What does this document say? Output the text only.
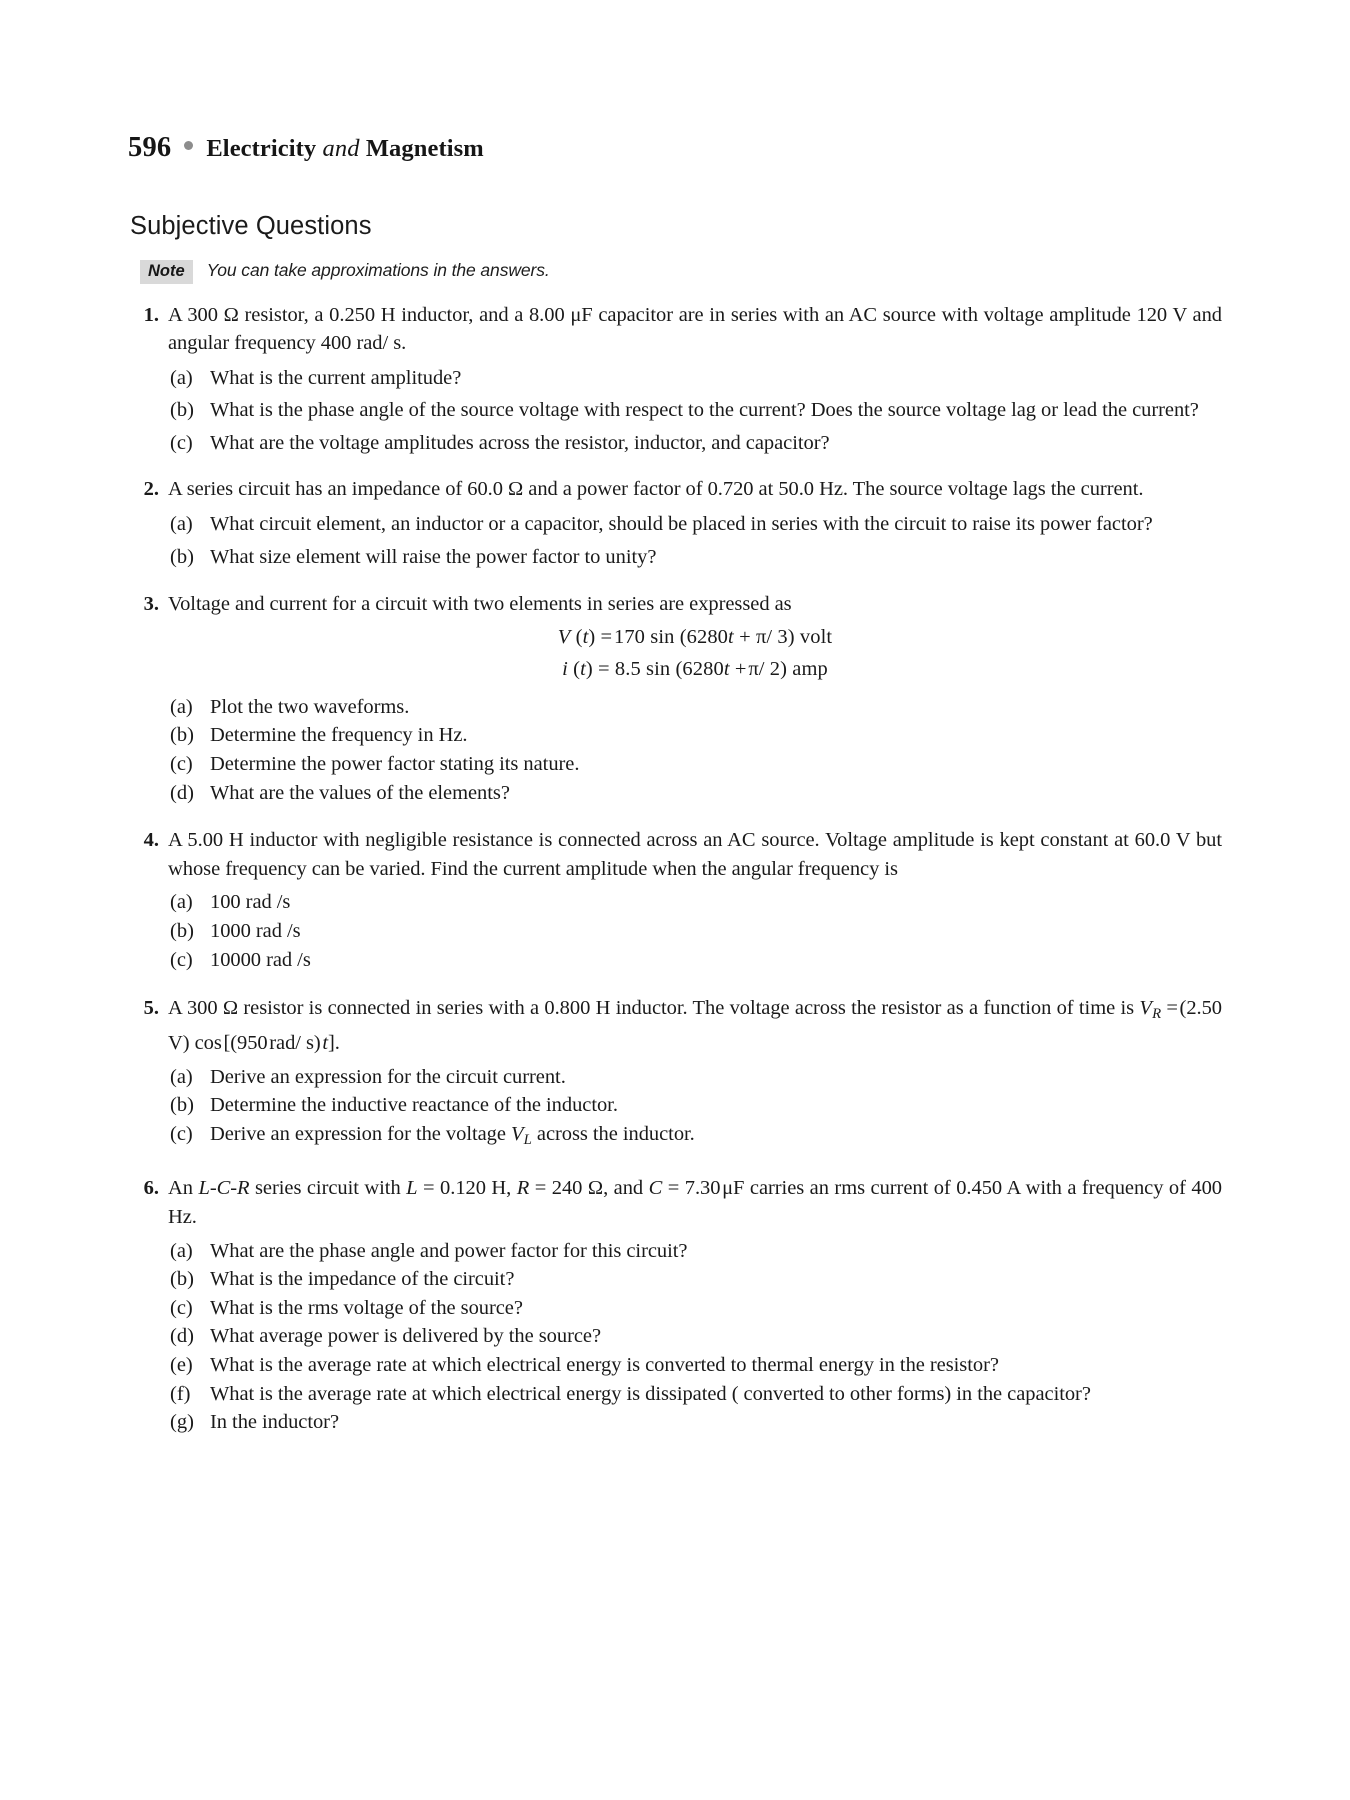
596 Electricity and Magnetism
Subjective Questions
Note	You can take approximations in the answers.
1. A 300 Ω resistor, a 0.250 H inductor, and a 8.00 μF capacitor are in series with an AC source with voltage amplitude 120 V and angular frequency 400 rad/ s.
(a) What is the current amplitude?
(b) What is the phase angle of the source voltage with respect to the current? Does the source voltage lag or lead the current?
(c) What are the voltage amplitudes across the resistor, inductor, and capacitor?
2. A series circuit has an impedance of 60.0 Ω and a power factor of 0.720 at 50.0 Hz. The source voltage lags the current.
(a) What circuit element, an inductor or a capacitor, should be placed in series with the circuit to raise its power factor?
(b) What size element will raise the power factor to unity?
3. Voltage and current for a circuit with two elements in series are expressed as
V (t) = 170 sin (6280t + π/ 3) volt
i (t) = 8.5 sin (6280t + π/ 2) amp
(a) Plot the two waveforms.
(b) Determine the frequency in Hz.
(c) Determine the power factor stating its nature.
(d) What are the values of the elements?
4. A 5.00 H inductor with negligible resistance is connected across an AC source. Voltage amplitude is kept constant at 60.0 V but whose frequency can be varied. Find the current amplitude when the angular frequency is
(a) 100 rad /s
(b) 1000 rad /s
(c) 10000 rad /s
5. A 300 Ω resistor is connected in series with a 0.800 H inductor. The voltage across the resistor as a function of time is $V_R$ = (2.50 V) cos [(950 rad/ s) t].
(a) Derive an expression for the circuit current.
(b) Determine the inductive reactance of the inductor.
(c) Derive an expression for the voltage $V_L$ across the inductor.
6. An L-C-R series circuit with L = 0.120 H, R = 240 Ω, and C = 7.30 μF carries an rms current of 0.450 A with a frequency of 400 Hz.
(a) What are the phase angle and power factor for this circuit?
(b) What is the impedance of the circuit?
(c) What is the rms voltage of the source?
(d) What average power is delivered by the source?
(e) What is the average rate at which electrical energy is converted to thermal energy in the resistor?
(f) What is the average rate at which electrical energy is dissipated ( converted to other forms) in the capacitor?
(g) In the inductor?
